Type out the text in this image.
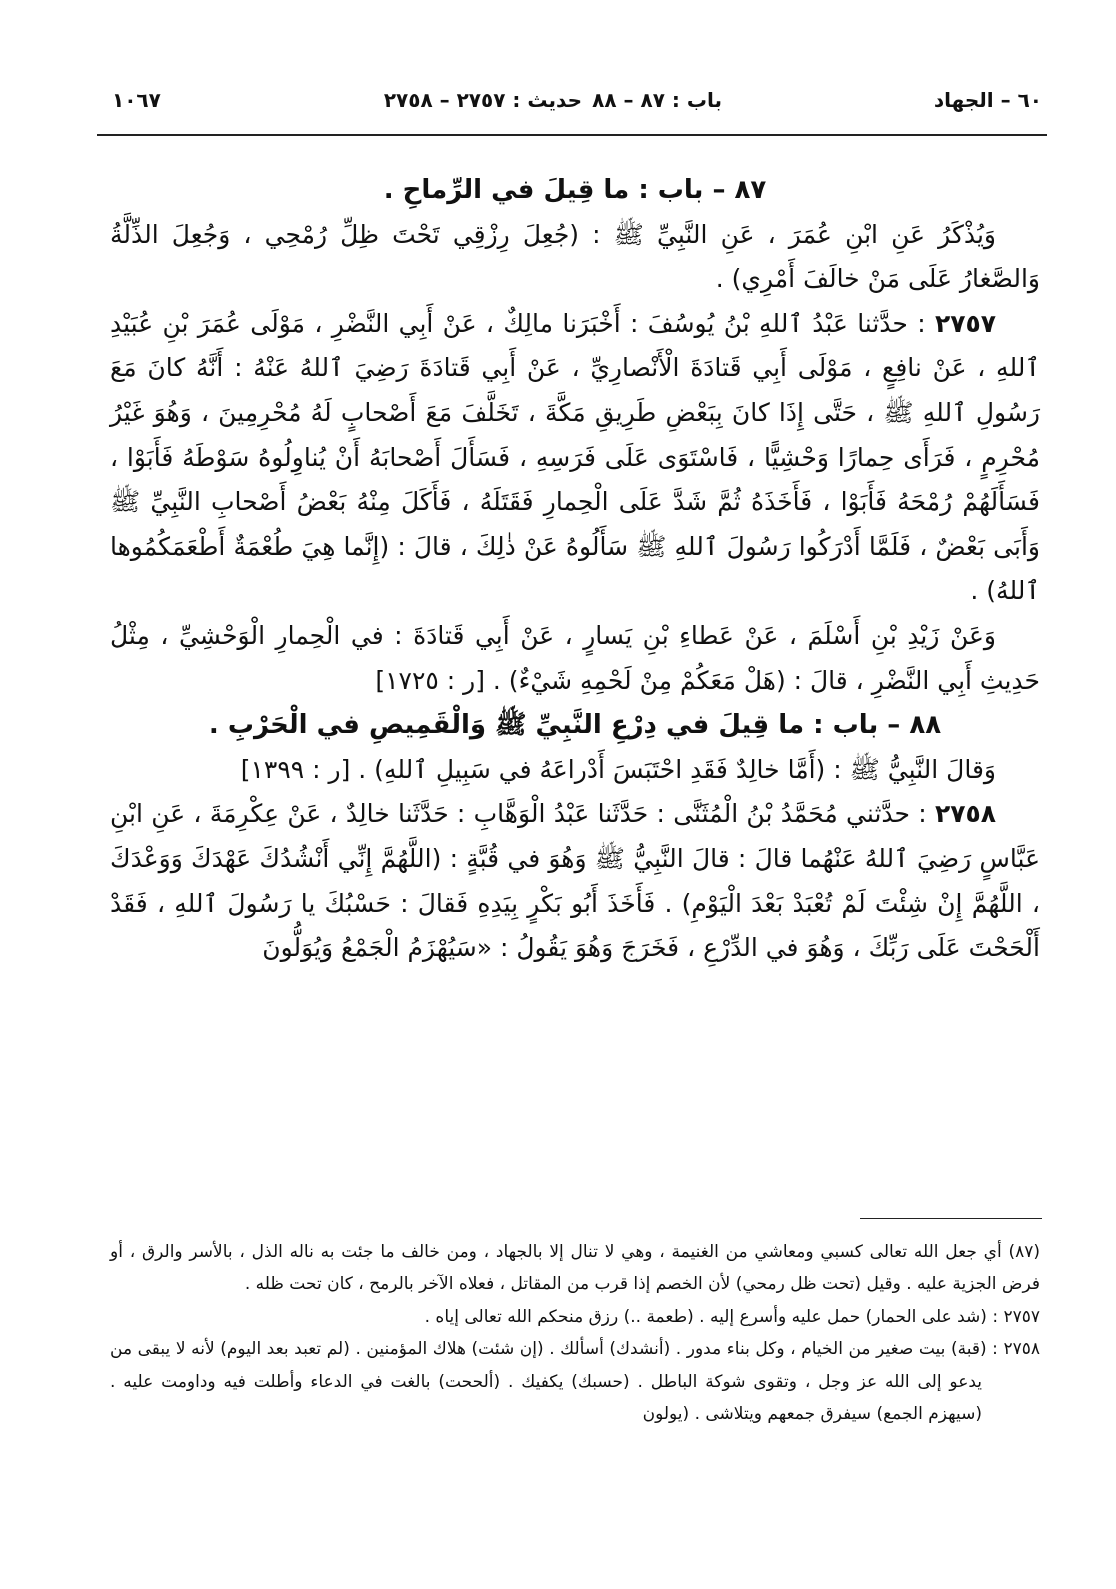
٦٠ – الجهاد
باب : ٨٧ – ٨٨
حديث : ٢٧٥٧ – ٢٧٥٨
١٠٦٧

٨٧ – باب : ما قِيلَ في الرِّماحِ .

وَيُذْكَرُ عَنِ ابْنِ عُمَرَ ، عَنِ النَّبِيِّ ﷺ : (جُعِلَ رِزْقِي تَحْتَ ظِلِّ رُمْحِي ، وَجُعِلَ الذِّلَّةُ وَالصَّغارُ عَلَى مَنْ خالَفَ أَمْرِي) .

٢٧٥٧ : حدَّثنا عَبْدُ ٱللهِ بْنُ يُوسُفَ : أَخْبَرَنا مالِكٌ ، عَنْ أَبِي النَّضْرِ ، مَوْلَى عُمَرَ بْنِ عُبَيْدِ ٱللهِ ، عَنْ نافِعٍ ، مَوْلَى أَبِي قَتادَةَ الْأَنْصارِيِّ ، عَنْ أَبِي قَتادَةَ رَضِيَ ٱللهُ عَنْهُ : أَنَّهُ كانَ مَعَ رَسُولِ ٱللهِ ﷺ ، حَتَّى إِذَا كانَ بِبَعْضِ طَرِيقِ مَكَّةَ ، تَخَلَّفَ مَعَ أَصْحابٍ لَهُ مُحْرِمِينَ ، وَهُوَ غَيْرُ مُحْرِمٍ ، فَرَأَى حِمارًا وَحْشِيًّا ، فَاسْتَوَى عَلَى فَرَسِهِ ، فَسَأَلَ أَصْحابَهُ أَنْ يُناوِلُوهُ سَوْطَهُ فَأَبَوْا ، فَسَأَلَهُمْ رُمْحَهُ فَأَبَوْا ، فَأَخَذَهُ ثُمَّ شَدَّ عَلَى الْحِمارِ فَقَتَلَهُ ، فَأَكَلَ مِنْهُ بَعْضُ أَصْحابِ النَّبِيِّ ﷺ وَأَبَى بَعْضٌ ، فَلَمَّا أَدْرَكُوا رَسُولَ ٱللهِ ﷺ سَأَلُوهُ عَنْ ذٰلِكَ ، قالَ : (إِنَّما هِيَ طُعْمَةٌ أَطْعَمَكُمُوها ٱللهُ) .

وَعَنْ زَيْدِ بْنِ أَسْلَمَ ، عَنْ عَطاءِ بْنِ يَسارٍ ، عَنْ أَبِي قَتادَةَ : في الْحِمارِ الْوَحْشِيِّ ، مِثْلُ حَدِيثِ أَبِي النَّضْرِ ، قالَ : (هَلْ مَعَكُمْ مِنْ لَحْمِهِ شَيْءٌ) . [ر : ١٧٢٥]

٨٨ – باب : ما قِيلَ في دِرْعِ النَّبِيِّ ﷺ وَالْقَمِيصِ في الْحَرْبِ .

وَقالَ النَّبِيُّ ﷺ : (أَمَّا خالِدٌ فَقَدِ احْتَبَسَ أَدْراعَهُ في سَبِيلِ ٱللهِ) . [ر : ١٣٩٩]

٢٧٥٨ : حدَّثني مُحَمَّدُ بْنُ الْمُثَنَّى : حَدَّثَنا عَبْدُ الْوَهَّابِ : حَدَّثَنا خالِدٌ ، عَنْ عِكْرِمَةَ ، عَنِ ابْنِ عَبَّاسٍ رَضِيَ ٱللهُ عَنْهُما قالَ : قالَ النَّبِيُّ ﷺ وَهُوَ في قُبَّةٍ : (اللَّهُمَّ إِنِّي أَنْشُدُكَ عَهْدَكَ وَوَعْدَكَ ، اللَّهُمَّ إِنْ شِئْتَ لَمْ تُعْبَدْ بَعْدَ الْيَوْمِ) . فَأَخَذَ أَبُو بَكْرٍ بِيَدِهِ فَقالَ : حَسْبُكَ يا رَسُولَ ٱللهِ ، فَقَدْ أَلْحَحْتَ عَلَى رَبِّكَ ، وَهُوَ في الدِّرْعِ ، فَخَرَجَ وَهُوَ يَقُولُ : «سَيُهْزَمُ الْجَمْعُ وَيُوَلُّونَ

(٨٧) أي جعل الله تعالى كسبي ومعاشي من الغنيمة ، وهي لا تنال إلا بالجهاد ، ومن خالف ما جئت به ناله الذل ، بالأسر والرق ، أو فرض الجزية عليه . وقيل (تحت ظل رمحي) لأن الخصم إذا قرب من المقاتل ، فعلاه الآخر بالرمح ، كان تحت ظله .

٢٧٥٧ : (شد على الحمار) حمل عليه وأسرع إليه . (طعمة ..) رزق منحكم الله تعالى إياه .

٢٧٥٨ : (قبة) بيت صغير من الخيام ، وكل بناء مدور . (أنشدك) أسألك . (إن شئت) هلاك المؤمنين . (لم تعبد بعد اليوم) لأنه لا يبقى من يدعو إلى الله عز وجل ، وتقوى شوكة الباطل . (حسبك) يكفيك . (ألححت) بالغت في الدعاء وأطلت فيه وداومت عليه . (سيهزم الجمع) سيفرق جمعهم ويتلاشى . (يولون
